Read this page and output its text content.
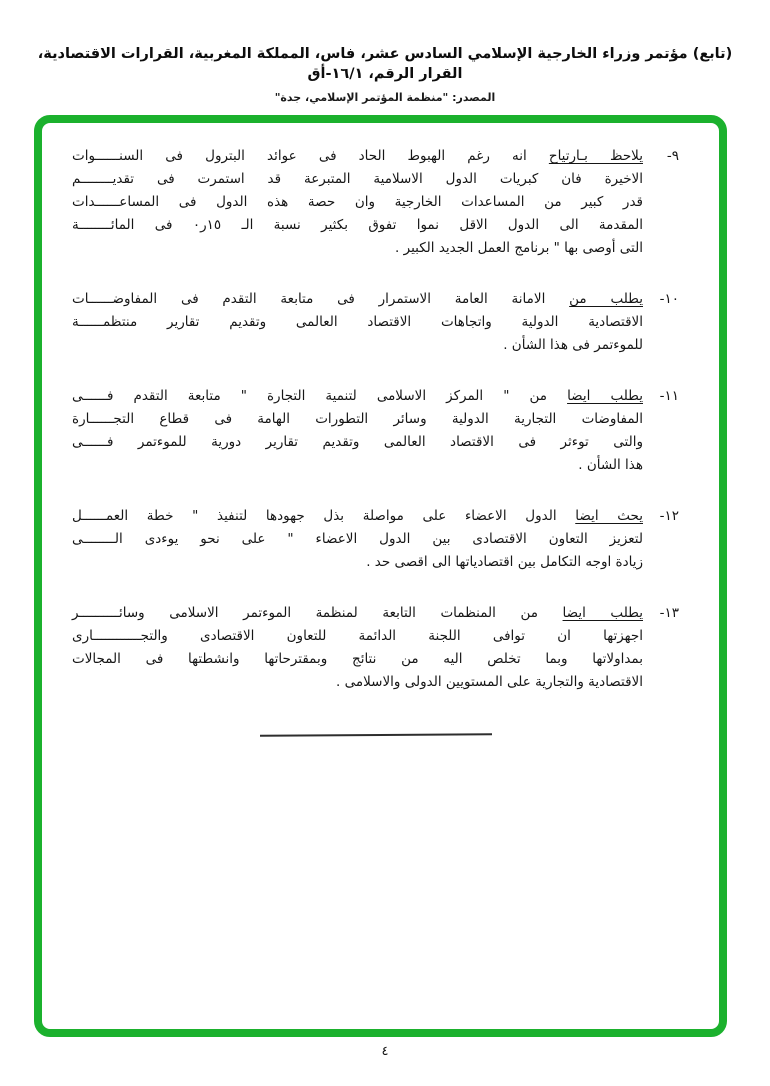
(تابع) مؤتمر وزراء الخارجية الإسلامي السادس عشر، فاس، المملكة المغربية، القرارات الاقتصادية، القرار الرقم، ١٦/١-أق
المصدر: "منظمة المؤتمر الإسلامي، جدة"
٩-
يلاحظ بـارتياح انه رغم الهبوط الحاد فى عوائد البترول فى السنــــــوات
الاخيرة فان كبريات الدول الاسلامية المتبرعة قد استمرت فى تقديــــــــم
قدر كبير من المساعدات الخارجية وان حصة هذه الدول فى المساعــــــدات
المقدمة الى الدول الاقل نموا تفوق بكثير نسبة الـ ١٥ر٠ فى المائــــــــة
التى أوصى بها " برنامج العمل الجديد الكبير .
١٠-
يطلب من الامانة العامة الاستمرار فى متابعة التقدم فى المفاوضــــــات
الاقتصادية الدولية واتجاهات الاقتصاد العالمى وتقديم تقارير منتظمــــــة
للموءتمر فى هذا الشأن .
١١-
يطلب ايضا من " المركز الاسلامى لتنمية التجارة " متابعة التقدم فــــــى
المفاوضات التجارية الدولية وسائر التطورات الهامة فى قطاع التجــــــارة
والتى توءثر فى الاقتصاد العالمى وتقديم تقارير دورية للموءتمر فــــــى
هذا الشأن .
١٢-
يحث ايضا الدول الاعضاء على مواصلة بذل جهودها لتنفيذ " خطة العمــــــل
لتعزيز التعاون الاقتصادى بين الدول الاعضاء " على نحو يوءدى الــــــــى
زيادة اوجه التكامل بين اقتصادياتها الى اقصى حد .
١٣-
يطلب ايضا من المنظمات التابعة لمنظمة الموءتمر الاسلامى وسائــــــــــر
اجهزتها ان توافى اللجنة الدائمة للتعاون الاقتصادى والتجــــــــــــارى
بمداولاتها وبما تخلص اليه من نتائج وبمقترحاتها وانشطتها فى المجالات
الاقتصادية والتجارية على المستويين الدولى والاسلامى .
٤
